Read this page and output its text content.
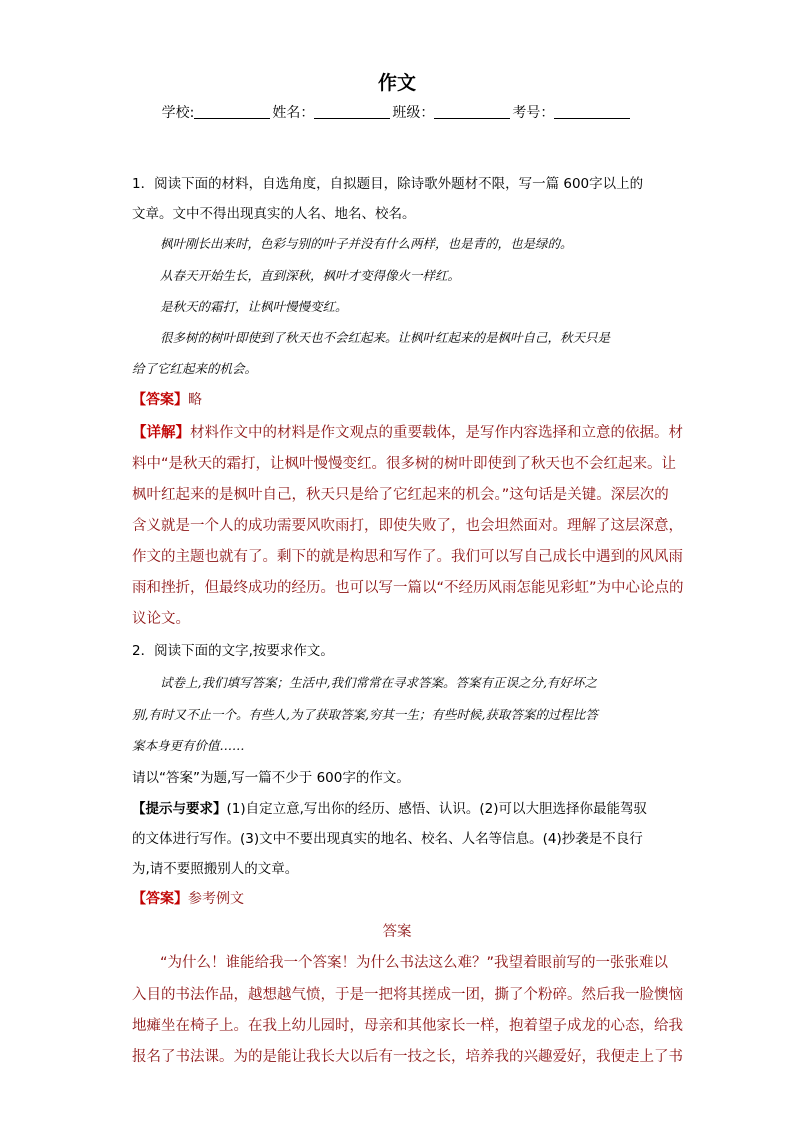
作文
学校:	姓名：	班级：	考号：
1．阅读下面的材料，自选角度，自拟题目，除诗歌外题材不限，写一篇 600字以上的
文章。文中不得出现真实的人名、地名、校名。
枫叶刚长出来时，色彩与别的叶子并没有什么两样，也是青的，也是绿的。
从春天开始生长，直到深秋，枫叶才变得像火一样红。
是秋天的霜打，让枫叶慢慢变红。
很多树的树叶即使到了秋天也不会红起来。让枫叶红起来的是枫叶自己，秋天只是
给了它红起来的机会。
【答案】略
【详解】材料作文中的材料是作文观点的重要载体，是写作内容选择和立意的依据。材
料中“是秋天的霜打，让枫叶慢慢变红。很多树的树叶即使到了秋天也不会红起来。让
枫叶红起来的是枫叶自己，秋天只是给了它红起来的机会。”这句话是关键。深层次的
含义就是一个人的成功需要风吹雨打，即使失败了，也会坦然面对。理解了这层深意，
作文的主题也就有了。剩下的就是构思和写作了。我们可以写自己成长中遇到的风风雨
雨和挫折，但最终成功的经历。也可以写一篇以“不经历风雨怎能见彩虹”为中心论点的
议论文。
2．阅读下面的文字,按要求作文。
试卷上,我们填写答案；生活中,我们常常在寻求答案。答案有正误之分,有好坏之
别,有时又不止一个。有些人,为了获取答案,穷其一生；有些时候,获取答案的过程比答
案本身更有价值……
请以“答案”为题,写一篇不少于 600字的作文。
【提示与要求】(1)自定立意,写出你的经历、感悟、认识。(2)可以大胆选择你最能驾驭
的文体进行写作。(3)文中不要出现真实的地名、校名、人名等信息。(4)抄袭是不良行
为,请不要照搬别人的文章。
【答案】参考例文
答案
“为什么！谁能给我一个答案！为什么书法这么难？”我望着眼前写的一张张难以
入目的书法作品，越想越气愤，于是一把将其搓成一团，撕了个粉碎。然后我一脸懊恼
地瘫坐在椅子上。在我上幼儿园时，母亲和其他家长一样，抱着望子成龙的心态，给我
报名了书法课。为的是能让我长大以后有一技之长，培养我的兴趣爱好，我便走上了书
